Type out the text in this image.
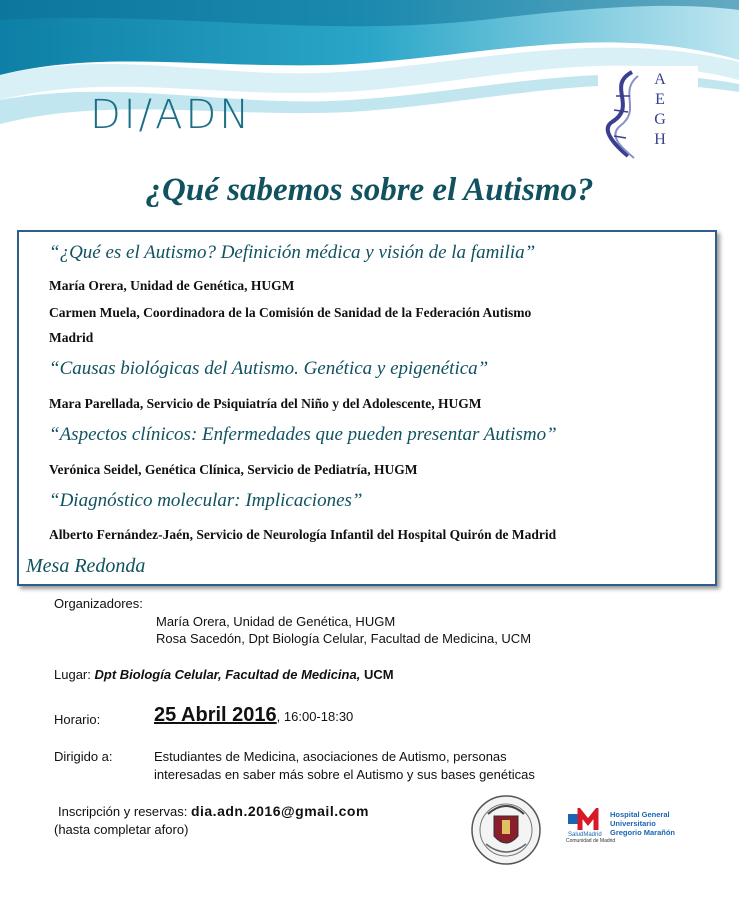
DI/ADN
A
E
G
H
¿Qué sabemos sobre el Autismo?
“¿Qué es el Autismo? Definición médica y visión de la familia”
María Orera, Unidad de Genética, HUGM
Carmen Muela, Coordinadora de la Comisión de Sanidad de la Federación Autismo
Madrid
“Causas biológicas del Autismo. Genética y epigenética”
Mara Parellada, Servicio de Psiquiatría del Niño y del Adolescente, HUGM
“Aspectos clínicos: Enfermedades que pueden presentar Autismo”
Verónica Seidel, Genética Clínica, Servicio de Pediatría, HUGM
“Diagnóstico molecular: Implicaciones”
Alberto Fernández-Jaén, Servicio de Neurología Infantil del Hospital Quirón de Madrid
Mesa Redonda
Organizadores:
María Orera, Unidad de Genética, HUGM
Rosa Sacedón, Dpt Biología Celular, Facultad de Medicina, UCM
Lugar: Dpt Biología Celular, Facultad de Medicina, UCM
Horario:	25 Abril 2016, 16:00-18:30
Dirigido a:	Estudiantes de Medicina, asociaciones de Autismo, personas
interesadas en saber más sobre el Autismo y sus bases genéticas
Inscripción y reservas: dia.adn.2016@gmail.com
(hasta completar aforo)	SaludMadrid
Hospital General
Universitario
Gregorio Marañón
Comunidad de Madrid
